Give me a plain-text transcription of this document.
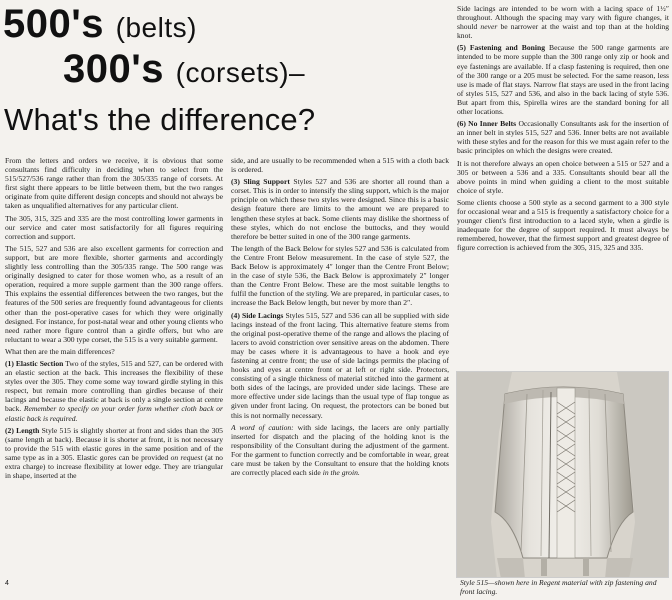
500's (belts)
300's (corsets)–
What's the difference?

From the letters and orders we receive, it is obvious that some consultants find difficulty in deciding when to select from the 515/527/536 range rather than from the 305/335 range of corsets. At first sight there appears to be little between them, but the two ranges originate from quite different design concepts and should not always be taken as unqualified alternatives for any particular client.

The 305, 315, 325 and 335 are the most controlling lower garments in our service and cater most satisfactorily for all figures requiring correction and support.

The 515, 527 and 536 are also excellent garments for correction and support, but are more flexible, shorter garments and accordingly slightly less controlling than the 305/335 range. The 500 range was originally designed to cater for those women who, as a result of an operation, required a more supple garment than the 300 range offers. This explains the essential differences between the two ranges, but the features of the 500 series are frequently found advantageous for clients other than the post-operative cases for which they were originally designed. For instance, for post-natal wear and other young clients who need rather more figure control than a girdle offers, but who are reluctant to wear a 300 type corset, the 515 is a very suitable garment.

What then are the main differences?

(1) Elastic Section Two of the styles, 515 and 527, can be ordered with an elastic section at the back. This increases the flexibility of these styles over the 305. They come some way toward girdle styling in this respect, but remain more controlling than girdles because of their lacings and because the elastic at back is only a single section at centre back. Remember to specify on your order form whether cloth back or elastic back is required.

(2) Length Style 515 is slightly shorter at front and sides than the 305 (same length at back). Because it is shorter at front, it is not necessary to provide the 515 with elastic gores in the same position and of the same type as in a 305. Elastic gores can be provided on request (at no extra charge) to increase flexibility at lower edge. They are triangular in shape, inserted at the

side, and are usually to be recommended when a 515 with a cloth back is ordered.

(3) Sling Support Styles 527 and 536 are shorter all round than a corset. This is in order to intensify the sling support, which is the major principle on which these two styles were designed. Since this is a basic design feature there are limits to the amount we are prepared to lengthen these styles at back. Some clients may dislike the shortness of these styles, which do not enclose the buttocks, and they would therefore be better suited in one of the 300 range garments.

The length of the Back Below for styles 527 and 536 is calculated from the Centre Front Below measurement. In the case of style 527, the Back Below is approximately 4″ longer than the Centre Front Below; in the case of style 536, the Back Below is approximately 2″ longer than the Centre Front Below. These are the most suitable lengths to fulfil the function of the styling. We are prepared, in particular cases, to increase the Back Below length, but never by more than 2″.

(4) Side Lacings Styles 515, 527 and 536 can all be supplied with side lacings instead of the front lacing. This alternative feature stems from the original post-operative theme of the range and allows the placing of lacers to avoid constriction over sensitive areas on the abdomen. There may be cases where it is advantageous to have a hook and eye fastening at centre front; the use of side lacings permits the placing of hooks and eyes at centre front or at left or right side. Protectors, consisting of a single thickness of material stitched into the garment at both sides of the lacings, are provided under side lacings. These are more effective under side lacings than the usual type of flap tongue as given under front lacing. On request, the protectors can be boned but this is not normally necessary.

A word of caution: with side lacings, the lacers are only partially inserted for dispatch and the placing of the holding knot is the responsibility of the Consultant during the adjustment of the garment. For the garment to function correctly and be comfortable in wear, great care must be taken by the Consultant to ensure that the holding knots are correctly placed each side in the groin.

Side lacings are intended to be worn with a lacing space of 1½″ throughout. Although the spacing may vary with figure changes, it should never be narrower at the waist and top than at the holding knot.

(5) Fastening and Boning Because the 500 range garments are intended to be more supple than the 300 range only zip or hook and eye fastenings are available. If a clasp fastening is required, then one of the 300 range or a 205 must be selected. For the same reason, less use is made of flat stays. Narrow flat stays are used in the front lacing of styles 515, 527 and 536, and also in the back lacing of style 536. But apart from this, Spirella wires are the standard boning for all other locations.

(6) No Inner Belts Occasionally Consultants ask for the insertion of an inner belt in styles 515, 527 and 536. Inner belts are not available with these styles and for the reason for this we must again refer to the basic principles on which the designs were created.

It is not therefore always an open choice between a 515 or 527 and a 305 or between a 536 and a 335. Consultants should bear all the above points in mind when guiding a client to the most suitable choice of style.

Some clients choose a 500 style as a second garment to a 300 style for occasional wear and a 515 is frequently a satisfactory choice for a younger client's first introduction to a laced style, when a girdle is inadequate for the degree of support required. It must always be remembered, however, that the firmest support and greatest degree of figure correction is achieved from the 305, 315, 325 and 335.

Style 515—shown here in Regent material with zip fastening and front lacing.
4
